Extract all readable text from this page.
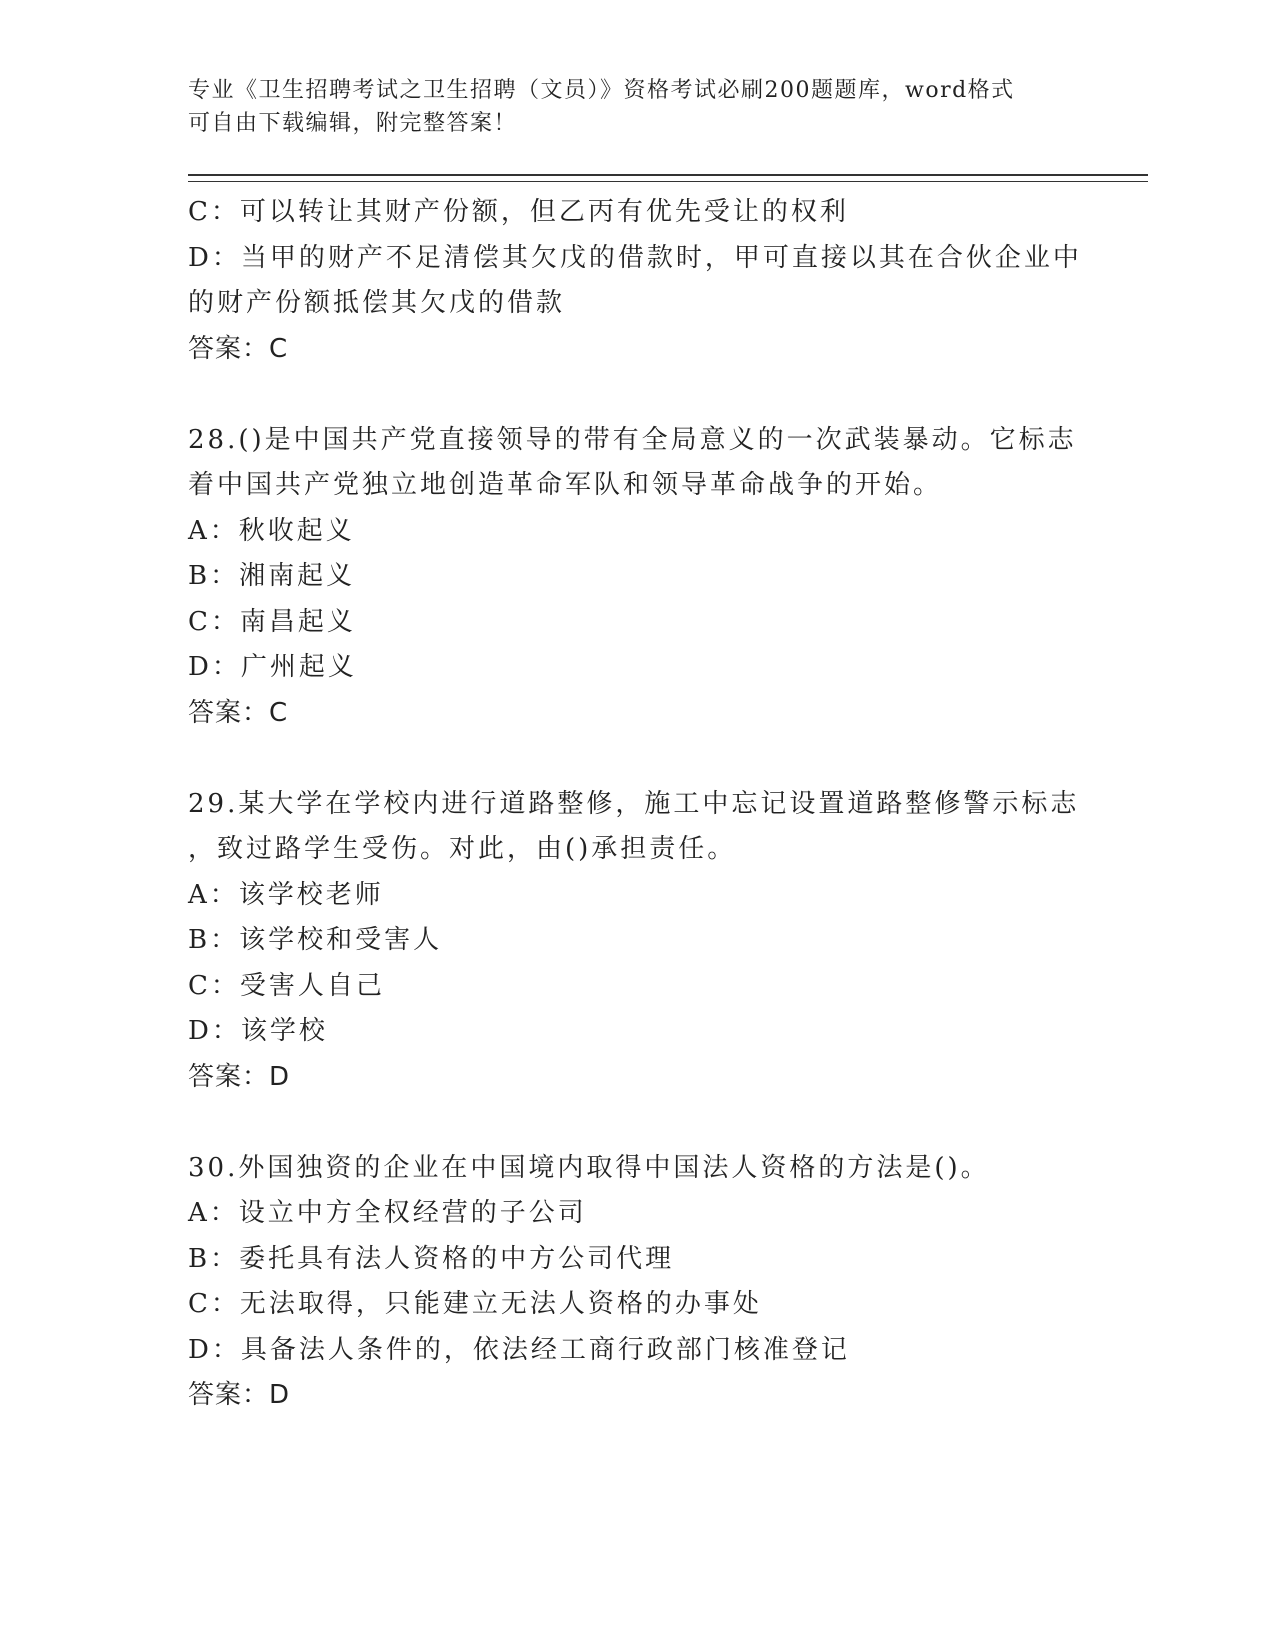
专业《卫生招聘考试之卫生招聘（文员）》资格考试必刷200题题库，word格式
可自由下载编辑，附完整答案！
C：可以转让其财产份额，但乙丙有优先受让的权利
D：当甲的财产不足清偿其欠戊的借款时，甲可直接以其在合伙企业中
的财产份额抵偿其欠戊的借款
答案：C
28.()是中国共产党直接领导的带有全局意义的一次武装暴动。它标志
着中国共产党独立地创造革命军队和领导革命战争的开始。
A：秋收起义
B：湘南起义
C：南昌起义
D：广州起义
答案：C
29.某大学在学校内进行道路整修，施工中忘记设置道路整修警示标志
，致过路学生受伤。对此，由()承担责任。
A：该学校老师
B：该学校和受害人
C：受害人自己
D：该学校
答案：D
30.外国独资的企业在中国境内取得中国法人资格的方法是()。
A：设立中方全权经营的子公司
B：委托具有法人资格的中方公司代理
C：无法取得，只能建立无法人资格的办事处
D：具备法人条件的，依法经工商行政部门核准登记
答案：D
